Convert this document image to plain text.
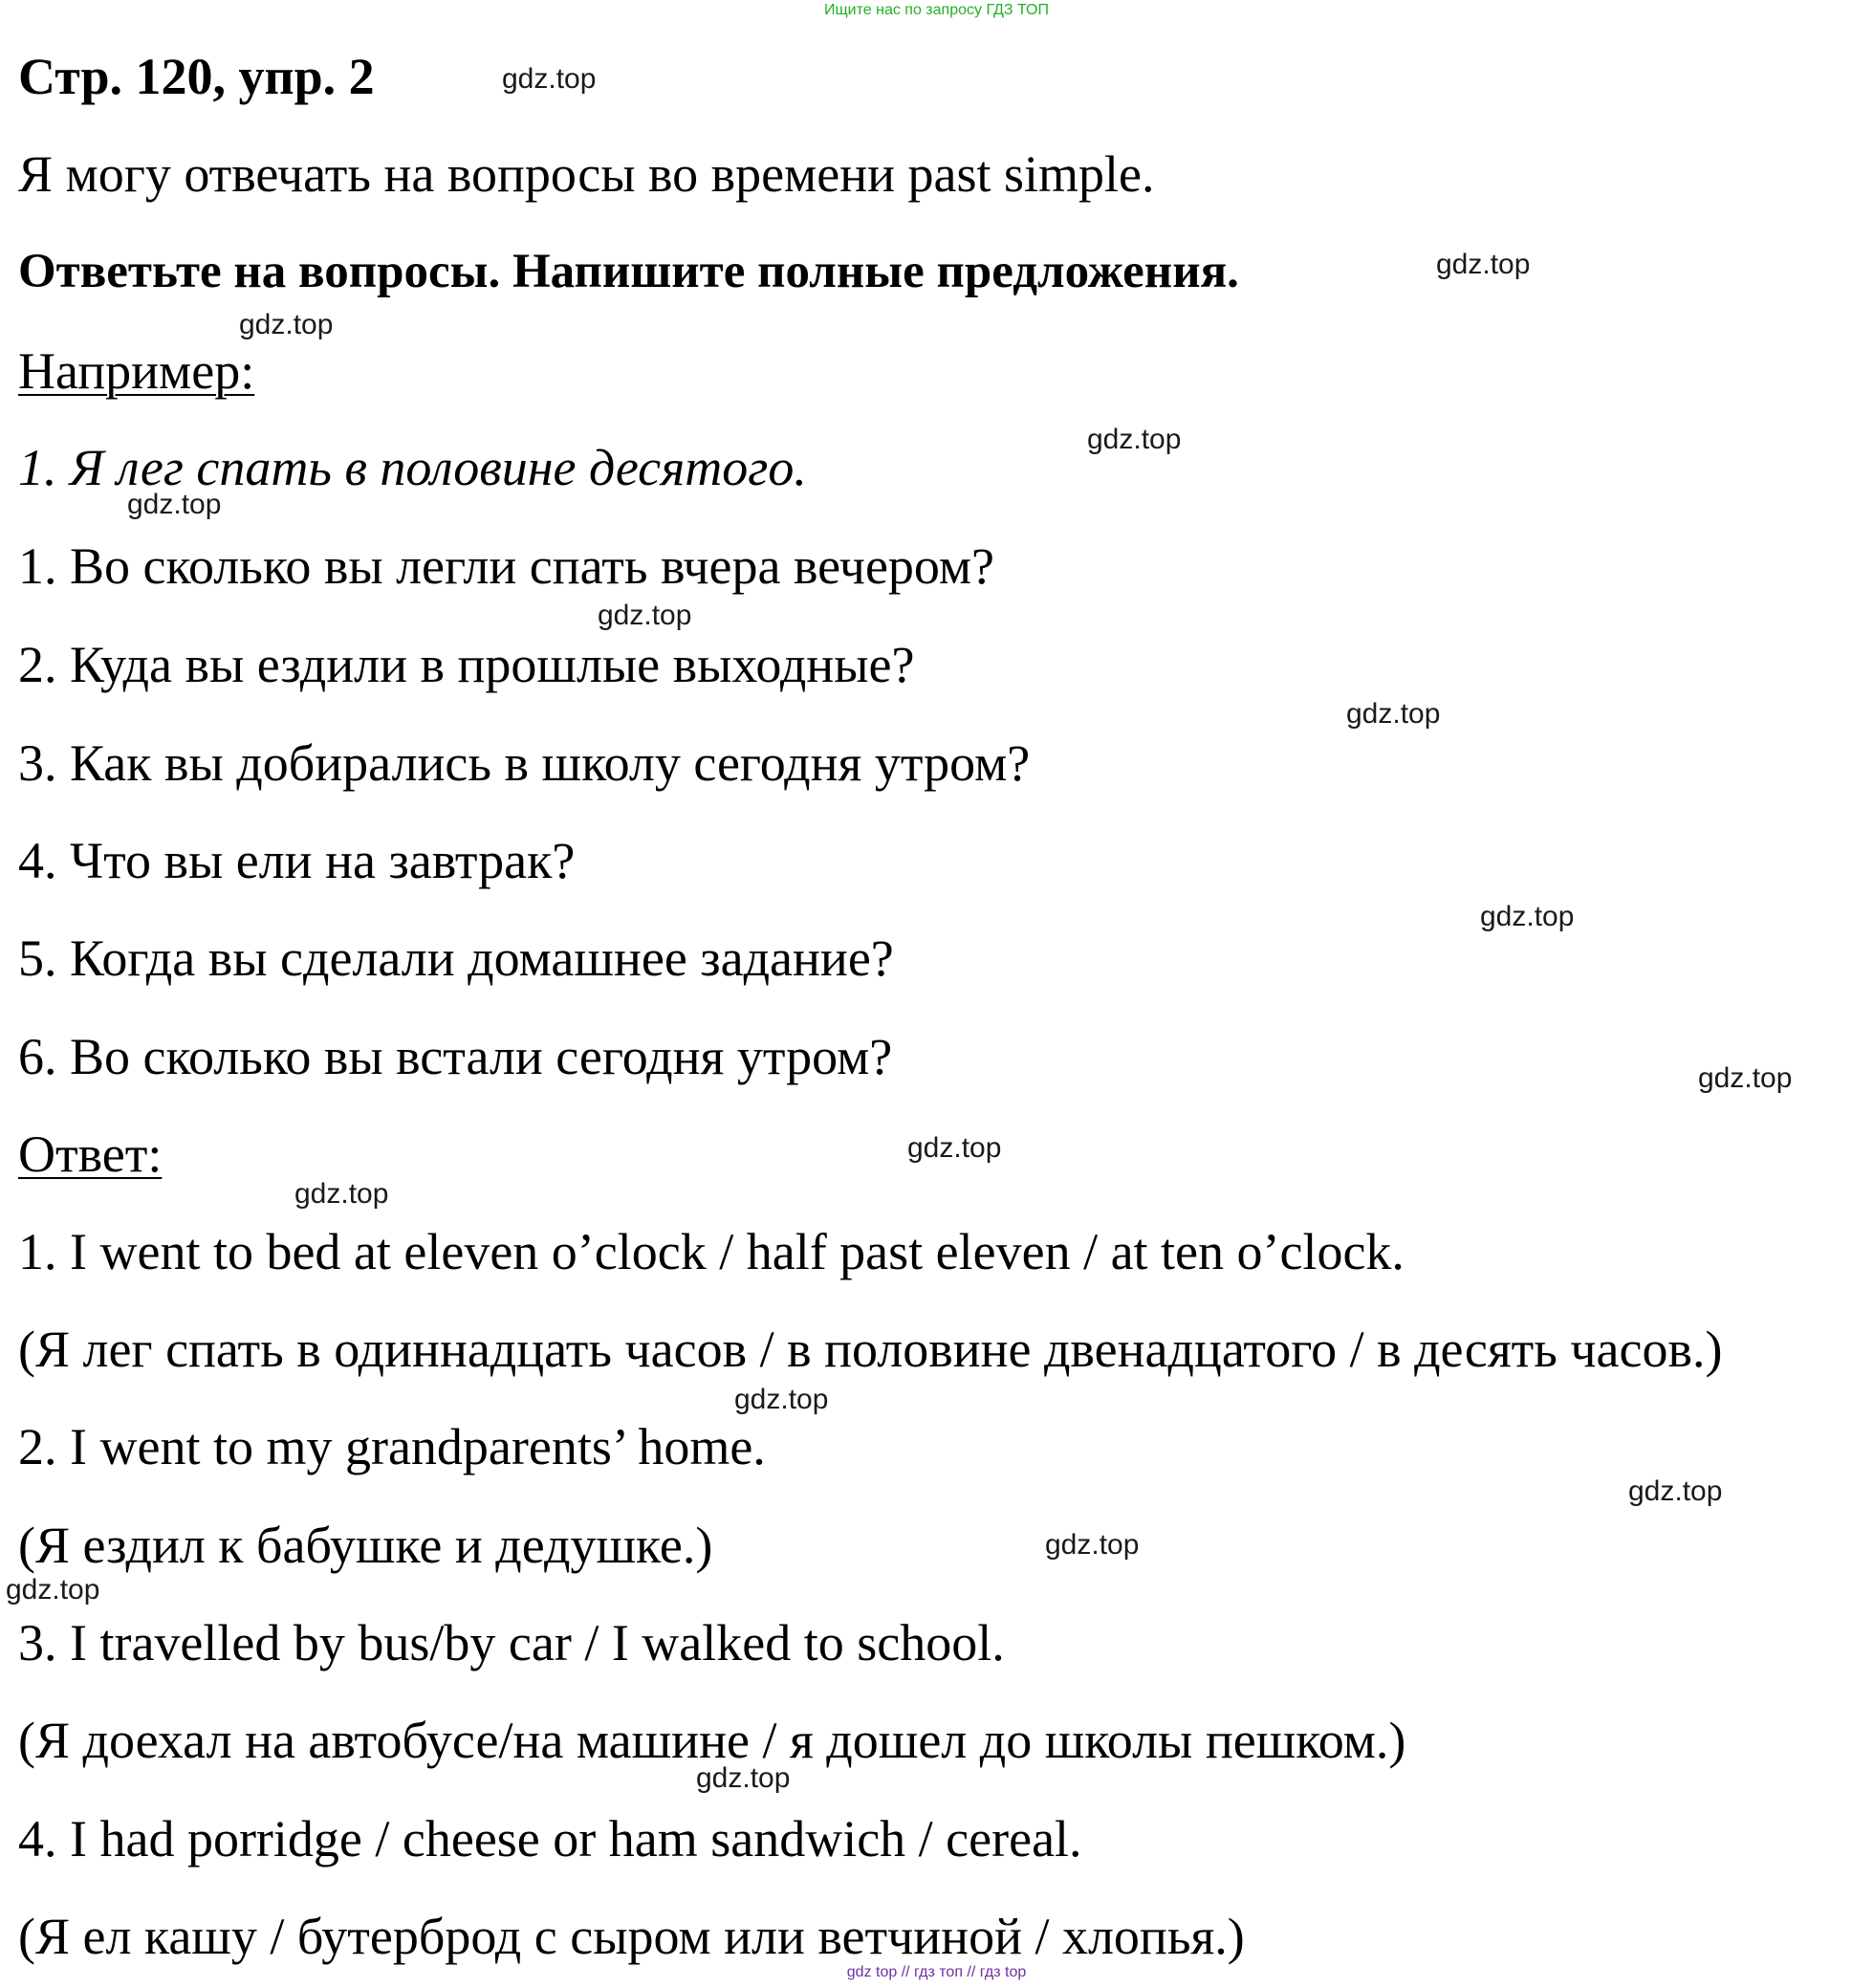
Ищите нас по запросу ГДЗ ТОП
Стр. 120, упр. 2
Я могу отвечать на вопросы во времени past simple.
Ответьте на вопросы. Напишите полные предложения.
Например:
1. Я лег спать в половине десятого.
1. Во сколько вы легли спать вчера вечером?
2. Куда вы ездили в прошлые выходные?
3. Как вы добирались в школу сегодня утром?
4. Что вы ели на завтрак?
5. Когда вы сделали домашнее задание?
6. Во сколько вы встали сегодня утром?
Ответ:
1. I went to bed at eleven o’clock / half past eleven / at ten o’clock.
(Я лег спать в одиннадцать часов / в половине двенадцатого / в десять часов.)
2. I went to my grandparents’ home.
(Я ездил к бабушке и дедушке.)
3. I travelled by bus/by car / I walked to school.
(Я доехал на автобусе/на машине / я дошел до школы пешком.)
4. I had porridge / cheese or ham sandwich / cereal.
(Я ел кашу / бутерброд с сыром или ветчиной / хлопья.)
gdz.top
gdz.top
gdz.top
gdz.top
gdz.top
gdz.top
gdz.top
gdz.top
gdz.top
gdz.top
gdz.top
gdz.top
gdz.top
gdz.top
gdz.top
gdz.top
gdz top // гдз топ // гдз top
